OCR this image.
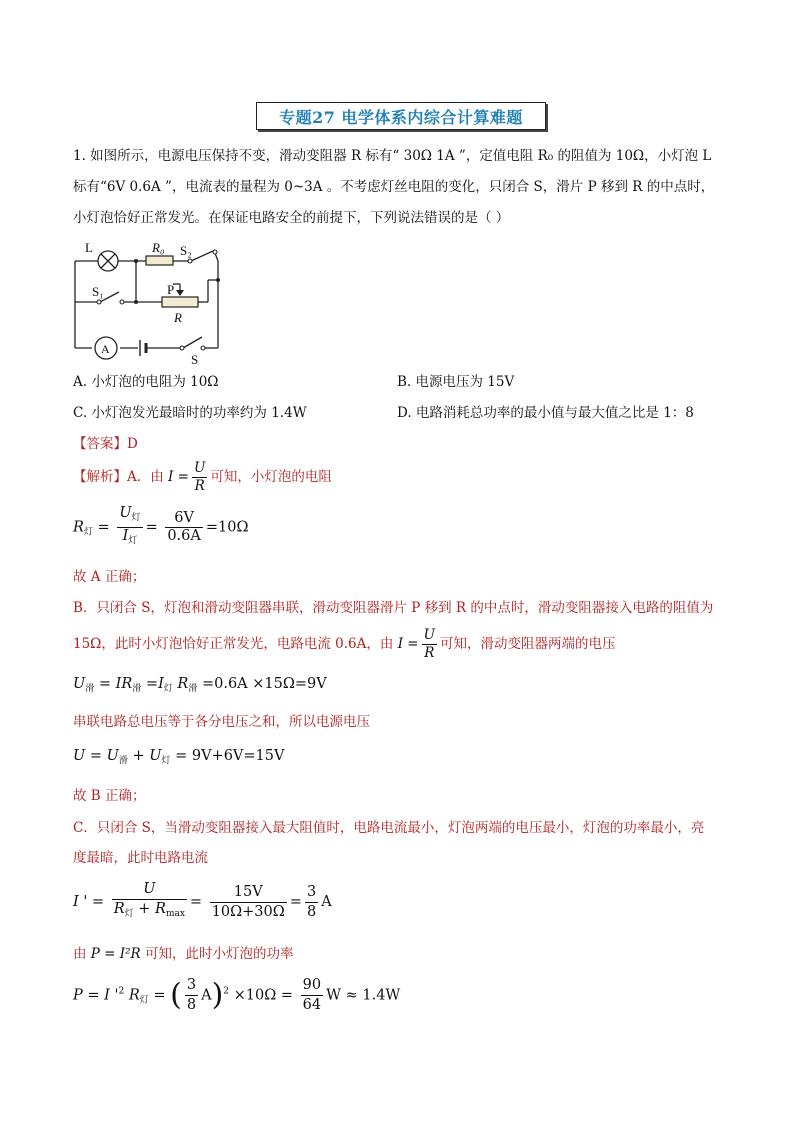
专题27 电学体系内综合计算难题
1. 如图所示，电源电压保持不变，滑动变阻器 R 标有“ 30Ω 1A ”，定值电阻 R₀ 的阻值为 10Ω，小灯泡 L
标有“6V 0.6A ”，电流表的量程为 0~3A 。不考虑灯丝电阻的变化，只闭合 S，滑片 P 移到 R 的中点时，
小灯泡恰好正常发光。在保证电路安全的前提下，下列说法错误的是（ ）
L	R₀ S₂
S₁	P
R
A
S
A. 小灯泡的电阻为 10Ω	B. 电源电压为 15V
C. 小灯泡发光最暗时的功率约为 1.4W	D. 电路消耗总功率的最小值与最大值之比是 1：8
【答案】D
【解析】A．由 $I = \frac{U}{R}$ 可知，小灯泡的电阻
$R_灯 = \frac{U_灯}{I_灯} = \frac{6V}{0.6A} =10\Omega$
故 A 正确；
B．只闭合 S，灯泡和滑动变阻器串联，滑动变阻器滑片 P 移到 R 的中点时，滑动变阻器接入电路的阻值为
15Ω，此时小灯泡恰好正常发光，电路电流 0.6A，由 $I = \frac{U}{R}$ 可知，滑动变阻器两端的电压
$U_滑 = IR_滑 =I_灯$ $R_滑 =0.6A \times 15\Omega=9V$
串联电路总电压等于各分电压之和，所以电源电压
$U = U_滑 + U_灯 = 9V+6V=15V$
故 B 正确；
C．只闭合 S，当滑动变阻器接入最大阻值时，电路电流最小，灯泡两端的电压最小，灯泡的功率最小，亮
度最暗，此时电路电流
I ' = $\frac{U}{R_灯 + R_{max}} = \frac{15V}{10\Omega+30\Omega} = \frac{3}{8}$ A
由 P = I²R 可知，此时小灯泡的功率
P = I '$^2$ $R_灯$ = ( $\frac{3}{8} A)^2 \times 10\Omega = \frac{90}{64}$ W ≈ 1.4W
